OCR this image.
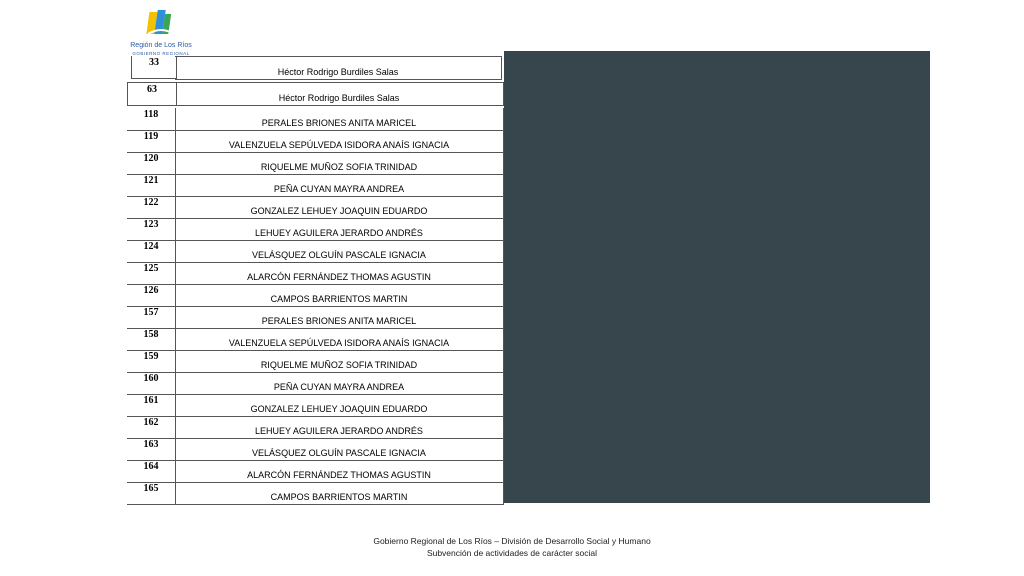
Región de Los Ríos
GOBIERNO REGIONAL
33
Héctor Rodrigo Burdiles Salas
63
Héctor Rodrigo Burdiles Salas
118
PERALES BRIONES ANITA MARICEL
119
VALENZUELA SEPÚLVEDA ISIDORA ANAÍS IGNACIA
120
RIQUELME MUÑOZ SOFIA TRINIDAD
121
PEÑA CUYAN MAYRA ANDREA
122
GONZALEZ LEHUEY JOAQUIN EDUARDO
123
LEHUEY AGUILERA JERARDO ANDRÉS
124
VELÁSQUEZ OLGUÍN PASCALE IGNACIA
125
ALARCÓN FERNÁNDEZ THOMAS AGUSTIN
126
CAMPOS BARRIENTOS MARTIN
157
PERALES BRIONES ANITA MARICEL
158
VALENZUELA SEPÚLVEDA ISIDORA ANAÍS IGNACIA
159
RIQUELME MUÑOZ SOFIA TRINIDAD
160
PEÑA CUYAN MAYRA ANDREA
161
GONZALEZ LEHUEY JOAQUIN EDUARDO
162
LEHUEY AGUILERA JERARDO ANDRÉS
163
VELÁSQUEZ OLGUÍN PASCALE IGNACIA
164
ALARCÓN FERNÁNDEZ THOMAS AGUSTIN
165
CAMPOS BARRIENTOS MARTIN
Gobierno Regional de Los Ríos – División de Desarrollo Social y Humano
Subvención de actividades de carácter social
